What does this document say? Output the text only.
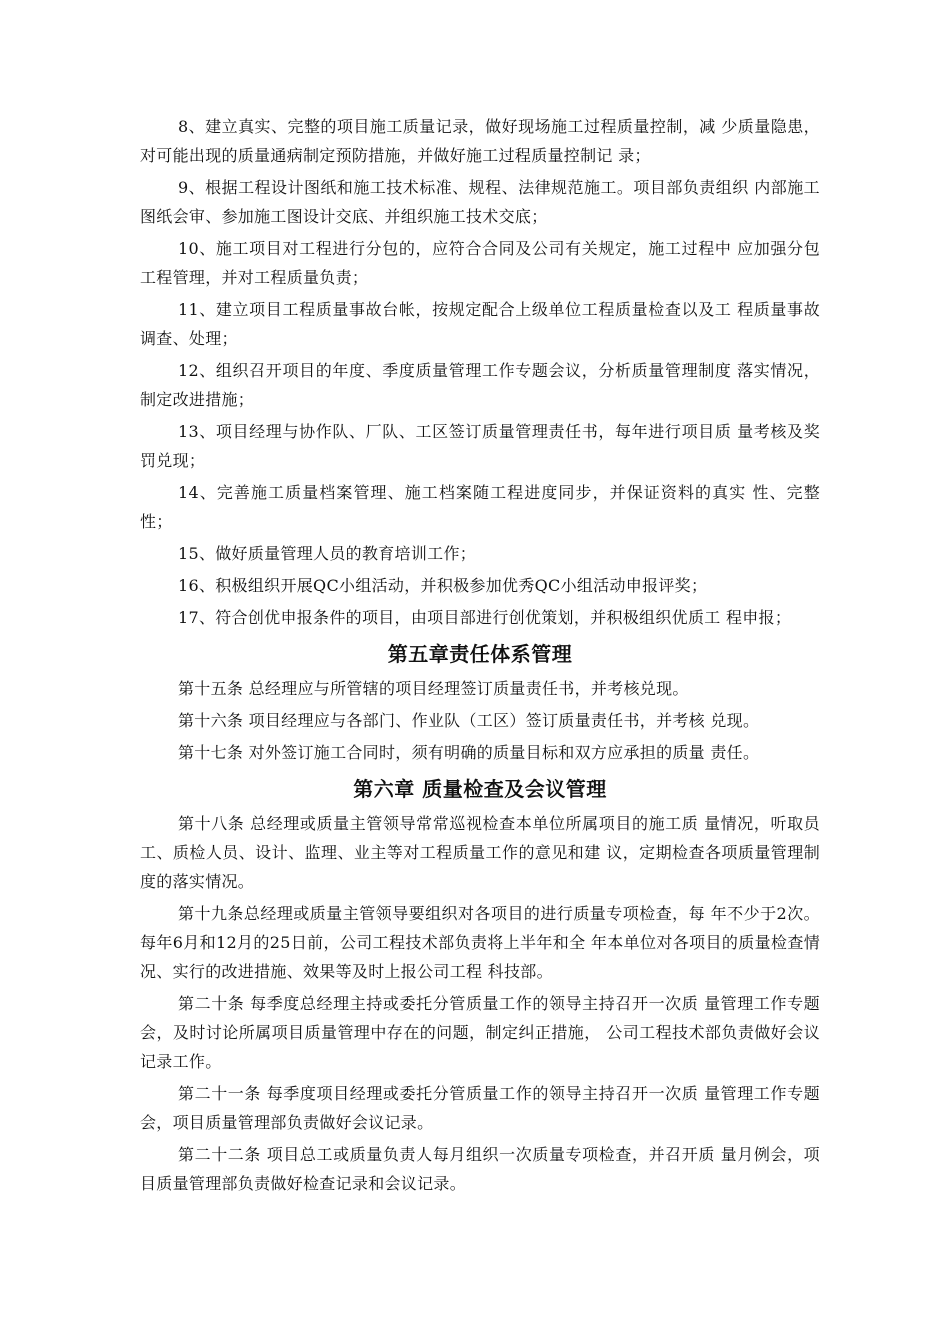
8、建立真实、完整的项目施工质量记录，做好现场施工过程质量控制，减 少质量隐患，对可能出现的质量通病制定预防措施，并做好施工过程质量控制记 录；

9、根据工程设计图纸和施工技术标准、规程、法律规范施工。项目部负责组织 内部施工图纸会审、参加施工图设计交底、并组织施工技术交底；

10、施工项目对工程进行分包的，应符合合同及公司有关规定，施工过程中 应加强分包工程管理，并对工程质量负责；

11、建立项目工程质量事故台帐，按规定配合上级单位工程质量检查以及工 程质量事故调查、处理；

12、组织召开项目的年度、季度质量管理工作专题会议，分析质量管理制度 落实情况，制定改进措施；

13、项目经理与协作队、厂队、工区签订质量管理责任书，每年进行项目质 量考核及奖罚兑现；

14、完善施工质量档案管理、施工档案随工程进度同步，并保证资料的真实 性、完整性；

15、做好质量管理人员的教育培训工作；

16、积极组织开展QC小组活动，并积极参加优秀QC小组活动申报评奖；

17、符合创优申报条件的项目，由项目部进行创优策划，并积极组织优质工 程申报；

第五章责任体系管理

第十五条 总经理应与所管辖的项目经理签订质量责任书，并考核兑现。

第十六条 项目经理应与各部门、作业队（工区）签订质量责任书，并考核 兑现。

第十七条 对外签订施工合同时，须有明确的质量目标和双方应承担的质量 责任。

第六章 质量检查及会议管理

第十八条 总经理或质量主管领导常常巡视检查本单位所属项目的施工质 量情况，听取员工、质检人员、设计、监理、业主等对工程质量工作的意见和建 议，定期检查各项质量管理制度的落实情况。

第十九条总经理或质量主管领导要组织对各项目的进行质量专项检查，每 年不少于2次。每年6月和12月的25日前，公司工程技术部负责将上半年和全 年本单位对各项目的质量检查情况、实行的改进措施、效果等及时上报公司工程 科技部。

第二十条 每季度总经理主持或委托分管质量工作的领导主持召开一次质 量管理工作专题会，及时讨论所属项目质量管理中存在的问题，制定纠正措施， 公司工程技术部负责做好会议记录工作。

第二十一条 每季度项目经理或委托分管质量工作的领导主持召开一次质 量管理工作专题会，项目质量管理部负责做好会议记录。

第二十二条 项目总工或质量负责人每月组织一次质量专项检查，并召开质 量月例会，项目质量管理部负责做好检查记录和会议记录。
